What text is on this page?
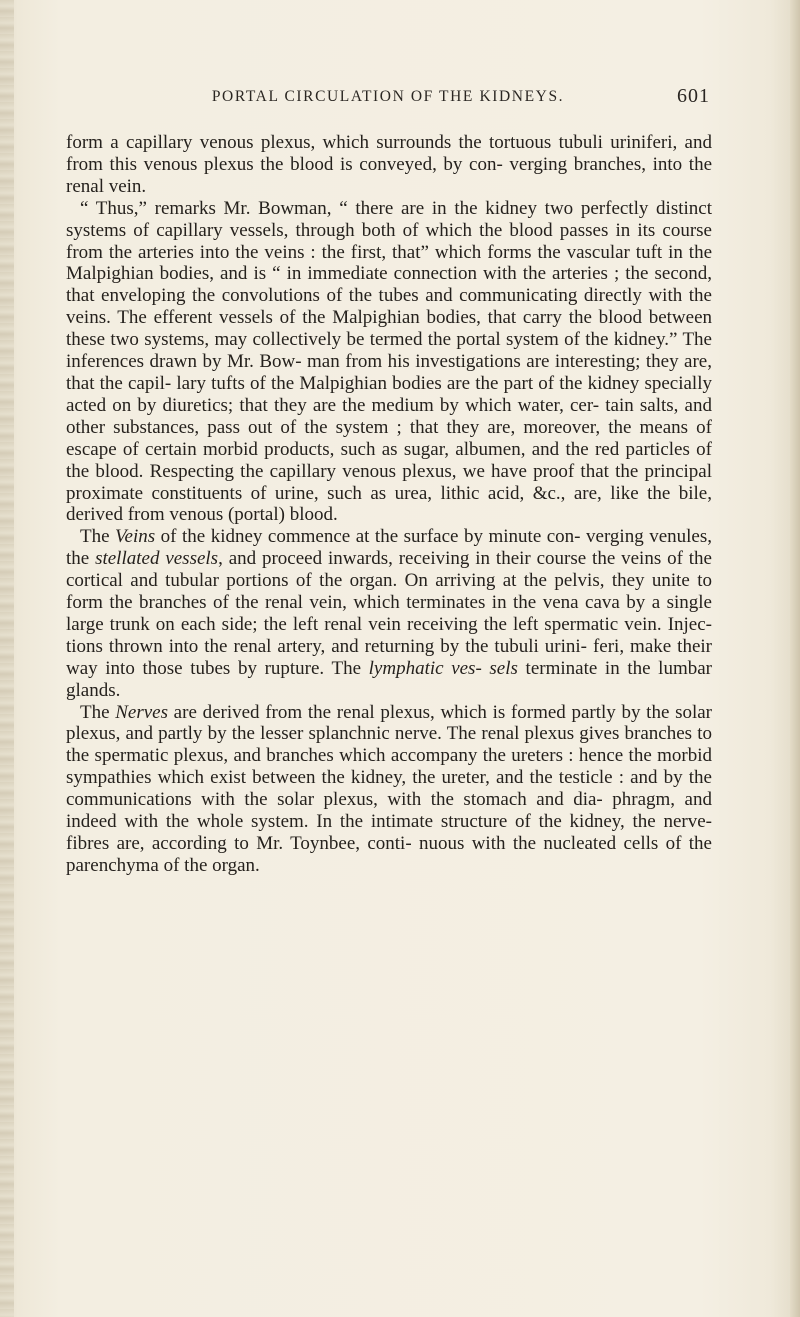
PORTAL CIRCULATION OF THE KIDNEYS.	601

form a capillary venous plexus, which surrounds the tortuous tubuli uriniferi, and from this venous plexus the blood is conveyed, by con- verging branches, into the renal vein.

“ Thus,” remarks Mr. Bowman, “ there are in the kidney two perfectly distinct systems of capillary vessels, through both of which the blood passes in its course from the arteries into the veins : the first, that” which forms the vascular tuft in the Malpighian bodies, and is “ in immediate connection with the arteries ; the second, that enveloping the convolutions of the tubes and communicating directly with the veins. The efferent vessels of the Malpighian bodies, that carry the blood between these two systems, may collectively be termed the portal system of the kidney.” The inferences drawn by Mr. Bow- man from his investigations are interesting; they are, that the capil- lary tufts of the Malpighian bodies are the part of the kidney specially acted on by diuretics; that they are the medium by which water, cer- tain salts, and other substances, pass out of the system ; that they are, moreover, the means of escape of certain morbid products, such as sugar, albumen, and the red particles of the blood. Respecting the capillary venous plexus, we have proof that the principal proximate constituents of urine, such as urea, lithic acid, &c., are, like the bile, derived from venous (portal) blood.

The Veins of the kidney commence at the surface by minute con- verging venules, the stellated vessels, and proceed inwards, receiving in their course the veins of the cortical and tubular portions of the organ. On arriving at the pelvis, they unite to form the branches of the renal vein, which terminates in the vena cava by a single large trunk on each side; the left renal vein receiving the left spermatic vein. Injec- tions thrown into the renal artery, and returning by the tubuli urini- feri, make their way into those tubes by rupture. The lymphatic ves- sels terminate in the lumbar glands.

The Nerves are derived from the renal plexus, which is formed partly by the solar plexus, and partly by the lesser splanchnic nerve. The renal plexus gives branches to the spermatic plexus, and branches which accompany the ureters : hence the morbid sympathies which exist between the kidney, the ureter, and the testicle : and by the communications with the solar plexus, with the stomach and dia- phragm, and indeed with the whole system. In the intimate structure of the kidney, the nerve-fibres are, according to Mr. Toynbee, conti- nuous with the nucleated cells of the parenchyma of the organ.
